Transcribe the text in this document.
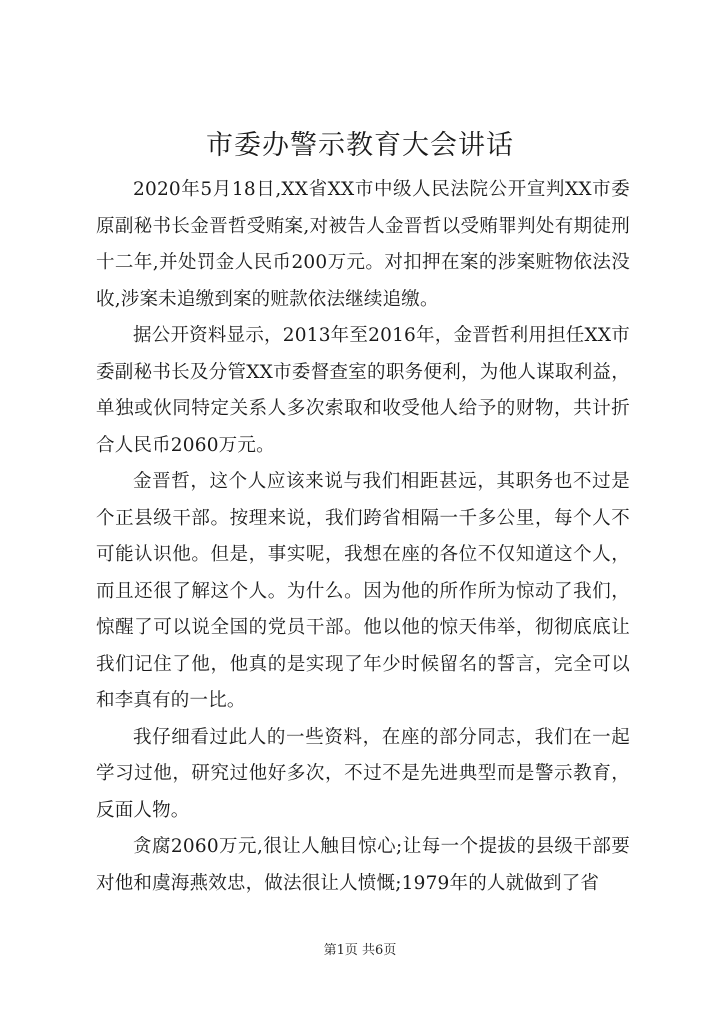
市委办警示教育大会讲话

2020年5月18日,XX省XX市中级人民法院公开宣判XX市委原副秘书长金晋哲受贿案,对被告人金晋哲以受贿罪判处有期徒刑十二年,并处罚金人民币200万元。对扣押在案的涉案赃物依法没收,涉案未追缴到案的赃款依法继续追缴。

据公开资料显示，2013年至2016年，金晋哲利用担任XX市委副秘书长及分管XX市委督查室的职务便利，为他人谋取利益，单独或伙同特定关系人多次索取和收受他人给予的财物，共计折合人民币2060万元。

金晋哲，这个人应该来说与我们相距甚远，其职务也不过是个正县级干部。按理来说，我们跨省相隔一千多公里，每个人不可能认识他。但是，事实呢，我想在座的各位不仅知道这个人，而且还很了解这个人。为什么。因为他的所作所为惊动了我们，惊醒了可以说全国的党员干部。他以他的惊天伟举，彻彻底底让我们记住了他，他真的是实现了年少时候留名的誓言，完全可以和李真有的一比。

我仔细看过此人的一些资料，在座的部分同志，我们在一起学习过他，研究过他好多次，不过不是先进典型而是警示教育，反面人物。

贪腐2060万元,很让人触目惊心;让每一个提拔的县级干部要对他和虞海燕效忠，做法很让人愤慨;1979年的人就做到了省

第1页 共6页
